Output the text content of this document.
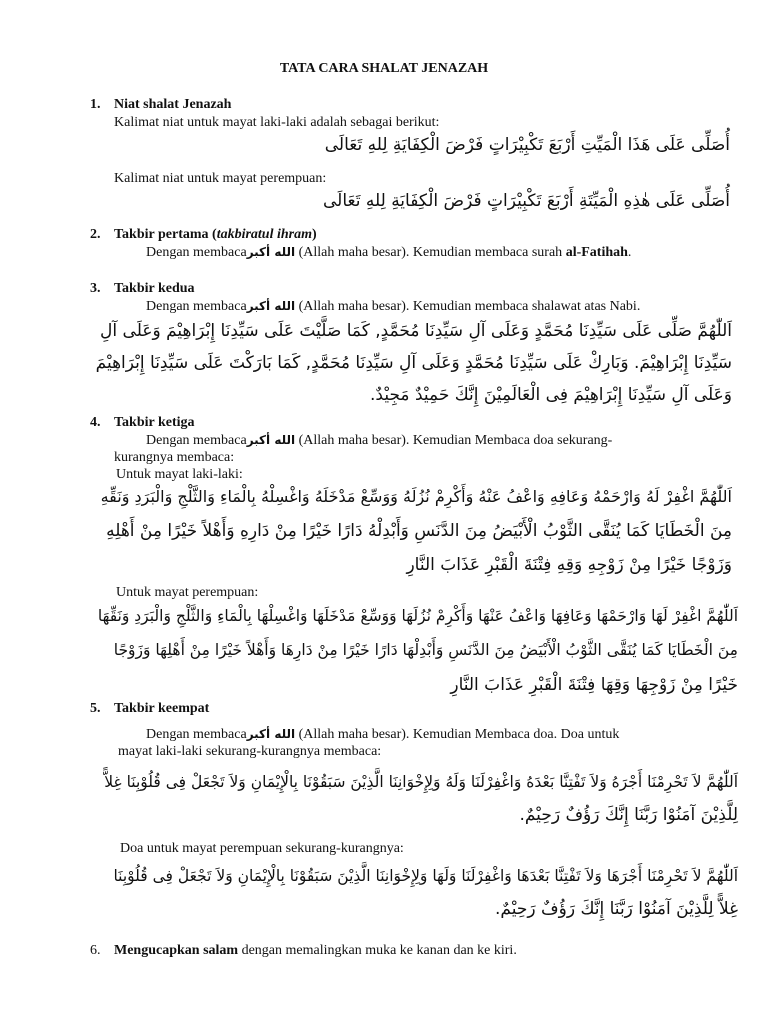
TATA CARA SHALAT JENAZAH
1. Niat shalat Jenazah
Kalimat niat untuk mayat laki-laki adalah sebagai berikut:
أُصَلِّى عَلَى هَذَا الْمَيِّتِ أَرْبَعَ تَكْبِيْرَاتٍ فَرْضَ الْكِفَايَةِ لِلهِ تَعَالَى
Kalimat niat untuk mayat perempuan:
أُصَلِّى عَلَى هٰذِهِ الْمَيِّتَةِ أَرْبَعَ تَكْبِيْرَاتٍ فَرْضَ الْكِفَايَةِ لِلهِ تَعَالَى
2. Takbir pertama (takbiratul ihram)
Dengan membacaالله أكبر (Allah maha besar). Kemudian membaca surah al-Fatihah.
3. Takbir kedua
Dengan membacaالله أكبر (Allah maha besar). Kemudian membaca shalawat atas Nabi.
اَللّٰهُمَّ صَلِّى عَلَى سَيِّدِنَا مُحَمَّدٍ وَعَلَى آلِ سَيِّدِنَا مُحَمَّدٍ, كَمَا صَلَّيْتَ عَلَى سَيِّدِنَا إِبْرَاهِيْمَ وَعَلَى آلِ
سَيِّدِنَا إِبْرَاهِيْمَ. وَبَارِكْ عَلَى سَيِّدِنَا مُحَمَّدٍ وَعَلَى آلِ سَيِّدِنَا مُحَمَّدٍ, كَمَا بَارَكْتَ عَلَى سَيِّدِنَا إِبْرَاهِيْمَ
وَعَلَى آلِ سَيِّدِنَا إِبْرَاهِيْمَ فِى الْعَالَمِيْنَ إِنَّكَ حَمِيْدٌ مَجِيْدٌ.
4. Takbir ketiga
Dengan membacaالله أكبر (Allah maha besar). Kemudian Membaca doa sekurang-
kurangnya membaca:
Untuk mayat laki-laki:
اَللّٰهُمَّ اغْفِرْ لَهُ وَارْحَمْهُ وَعَافِهِ وَاعْفُ عَنْهُ وَأَكْرِمْ نُزُلَهُ وَوَسِّعْ مَدْخَلَهُ وَاغْسِلْهُ بِالْمَاءِ وَالثَّلْجِ وَالْبَرَدِ وَنَقِّهِ
مِنَ الْخَطَايَا كَمَا يُنَقَّى الثَّوْبُ الْأَبْيَضُ مِنَ الدَّنَسِ وَأَبْدِلْهُ دَارًا خَيْرًا مِنْ دَارِهِ وَأَهْلاً خَيْرًا مِنْ أَهْلِهِ
وَزَوْجًا خَيْرًا مِنْ زَوْجِهِ وَقِهِ فِتْنَةَ الْقَبْرِ عَذَابَ النَّارِ
Untuk mayat perempuan:
اَللّٰهُمَّ اغْفِرْ لَهَا وَارْحَمْهَا وَعَافِهَا وَاعْفُ عَنْهَا وَأَكْرِمْ نُزُلَهَا وَوَسِّعْ مَدْخَلَهَا وَاغْسِلْهَا بِالْمَاءِ وَالثَّلْجِ وَالْبَرَدِ وَنَقِّهَا
مِنَ الْخَطَايَا كَمَا يُنَقَّى الثَّوْبُ الْأَبْيَضُ مِنَ الدَّنَسِ وَأَبْدِلْهَا دَارًا خَيْرًا مِنْ دَارِهَا وَأَهْلاً خَيْرًا مِنْ أَهْلِهَا وَزَوْجًا
خَيْرًا مِنْ زَوْجِهَا وَقِهَا فِتْنَةَ الْقَبْرِ عَذَابَ النَّارِ
5. Takbir keempat
Dengan membacaالله أكبر (Allah maha besar). Kemudian Membaca doa. Doa untuk
mayat laki-laki sekurang-kurangnya membaca:
اَللّٰهُمَّ لاَ تَحْرِمْنَا أَجْرَهُ وَلاَ تَفْتِنَّا بَعْدَهُ وَاغْفِرْلَنَا وَلَهُ وَلِإِخْوَانِنَا الَّذِيْنَ سَبَقُوْنَا بِالْإِيْمَانِ وَلاَ تَجْعَلْ فِى قُلُوْبِنَا غِلاًّ
لِلَّذِيْنَ آمَنُوْا رَبَّنَا إِنَّكَ رَؤُفٌ رَحِيْمٌ.
Doa untuk mayat perempuan sekurang-kurangnya:
اَللّٰهُمَّ لاَ تَحْرِمْنَا أَجْرَهَا وَلاَ تَفْتِنَّا بَعْدَهَا وَاغْفِرْلَنَا وَلَهَا وَلِإِخْوَانِنَا الَّذِيْنَ سَبَقُوْنَا بِالْإِيْمَانِ وَلاَ تَجْعَلْ فِى قُلُوْبِنَا
غِلاًّ لِلَّذِيْنَ آمَنُوْا رَبَّنَا إِنَّكَ رَؤُفٌ رَحِيْمٌ.
6. Mengucapkan salam dengan memalingkan muka ke kanan dan ke kiri.
